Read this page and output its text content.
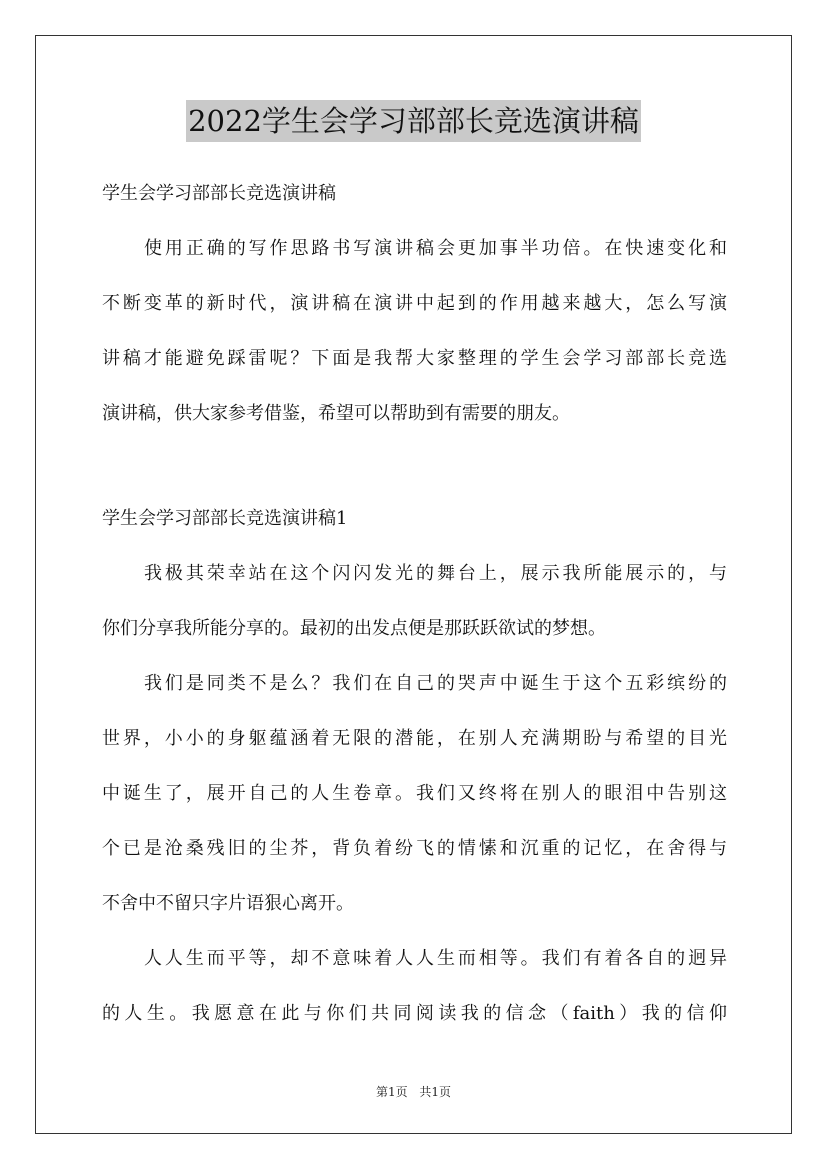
2022学生会学习部部长竞选演讲稿
学生会学习部部长竞选演讲稿
使用正确的写作思路书写演讲稿会更加事半功倍。在快速变化和
不断变革的新时代，演讲稿在演讲中起到的作用越来越大，怎么写演
讲稿才能避免踩雷呢？下面是我帮大家整理的学生会学习部部长竞选
演讲稿，供大家参考借鉴，希望可以帮助到有需要的朋友。
学生会学习部部长竞选演讲稿1
我极其荣幸站在这个闪闪发光的舞台上，展示我所能展示的，与
你们分享我所能分享的。最初的出发点便是那跃跃欲试的梦想。
我们是同类不是么？我们在自己的哭声中诞生于这个五彩缤纷的
世界，小小的身躯蕴涵着无限的潜能，在别人充满期盼与希望的目光
中诞生了，展开自己的人生卷章。我们又终将在别人的眼泪中告别这
个已是沧桑残旧的尘芥，背负着纷飞的情愫和沉重的记忆，在舍得与
不舍中不留只字片语狠心离开。
人人生而平等，却不意味着人人生而相等。我们有着各自的迥异
的人生。我愿意在此与你们共同阅读我的信念（faith）我的信仰
第1页 共1页
